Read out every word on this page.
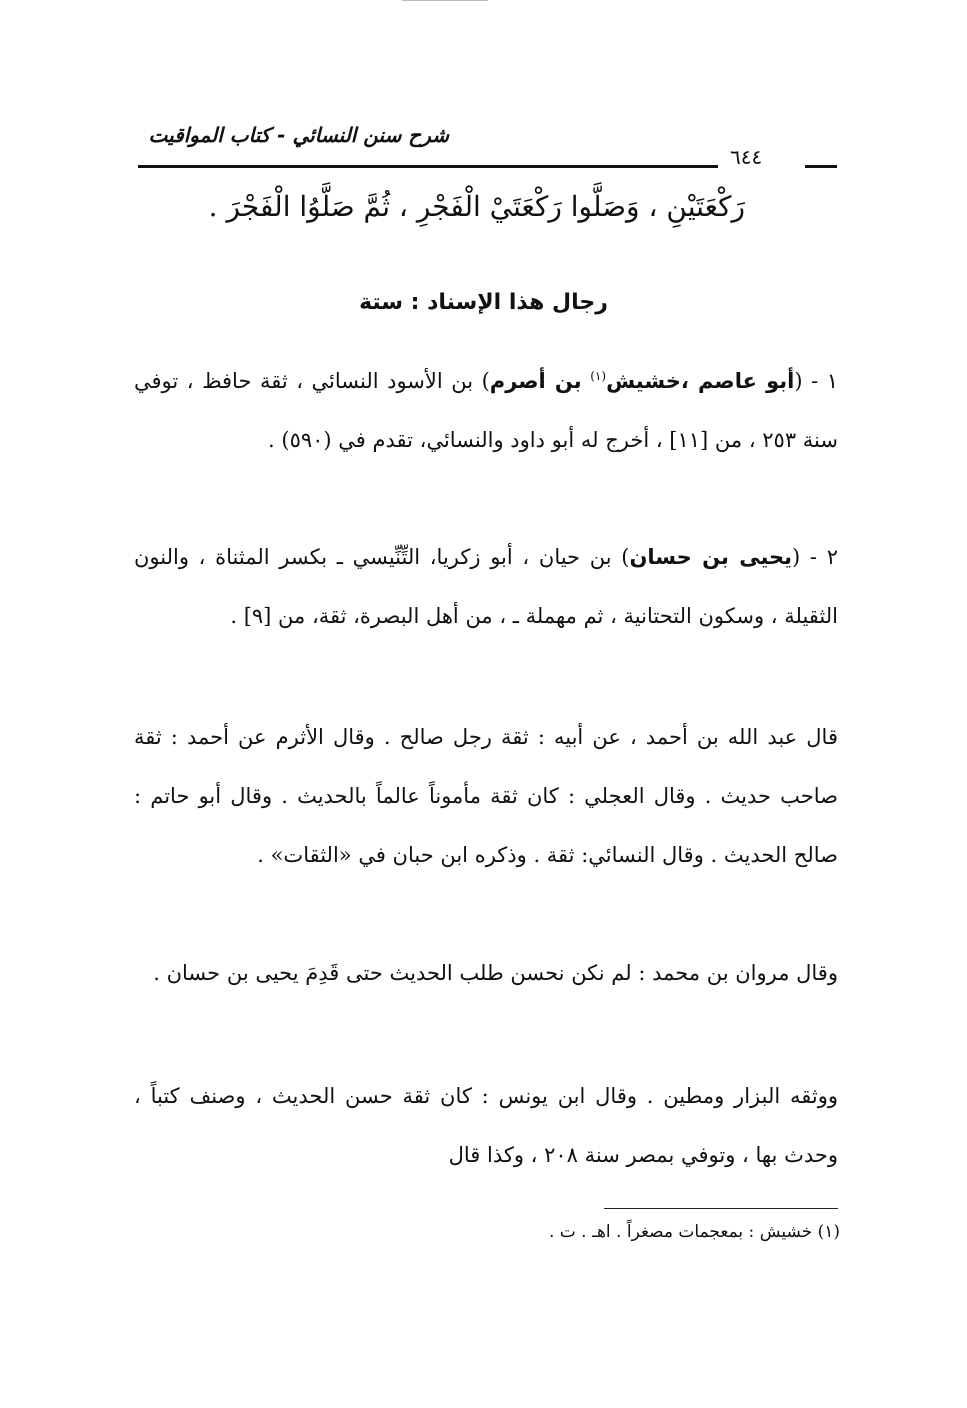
شرح سنن النسائي - كتاب المواقيت
٦٤٤
رَكْعَتَيْنِ ، وَصَلَّوا رَكْعَتَيْ الْفَجْرِ ، ثُمَّ صَلَّوُا الْفَجْرَ .
رجال هذا الإسناد : ستة
١ - (أبو عاصم ،خشيش$^{(١)}$ بن أصرم) بن الأسود النسائي ، ثقة حافظ ، توفي سنة ٢٥٣ ، من [١١] ، أخرج له أبو داود والنسائي، تقدم في (٥٩٠) .
٢ - (يحيى بن حسان) بن حيان ، أبو زكريا، التِّنِّيسي ـ بكسر المثناة ، والنون الثقيلة ، وسكون التحتانية ، ثم مهملة ـ ، من أهل البصرة، ثقة، من [٩] .
قال عبد الله بن أحمد ، عن أبيه : ثقة رجل صالح . وقال الأثرم عن أحمد : ثقة صاحب حديث . وقال العجلي : كان ثقة مأموناً عالماً بالحديث . وقال أبو حاتم : صالح الحديث . وقال النسائي: ثقة . وذكره ابن حبان في «الثقات» .
وقال مروان بن محمد : لم نكن نحسن طلب الحديث حتى قَدِمَ يحيى بن حسان .
ووثقه البزار ومطين . وقال ابن يونس : كان ثقة حسن الحديث ، وصنف كتباً ، وحدث بها ، وتوفي بمصر سنة ٢٠٨ ، وكذا قال
(١) خشيش : بمعجمات مصغراً . اهـ . ت .
